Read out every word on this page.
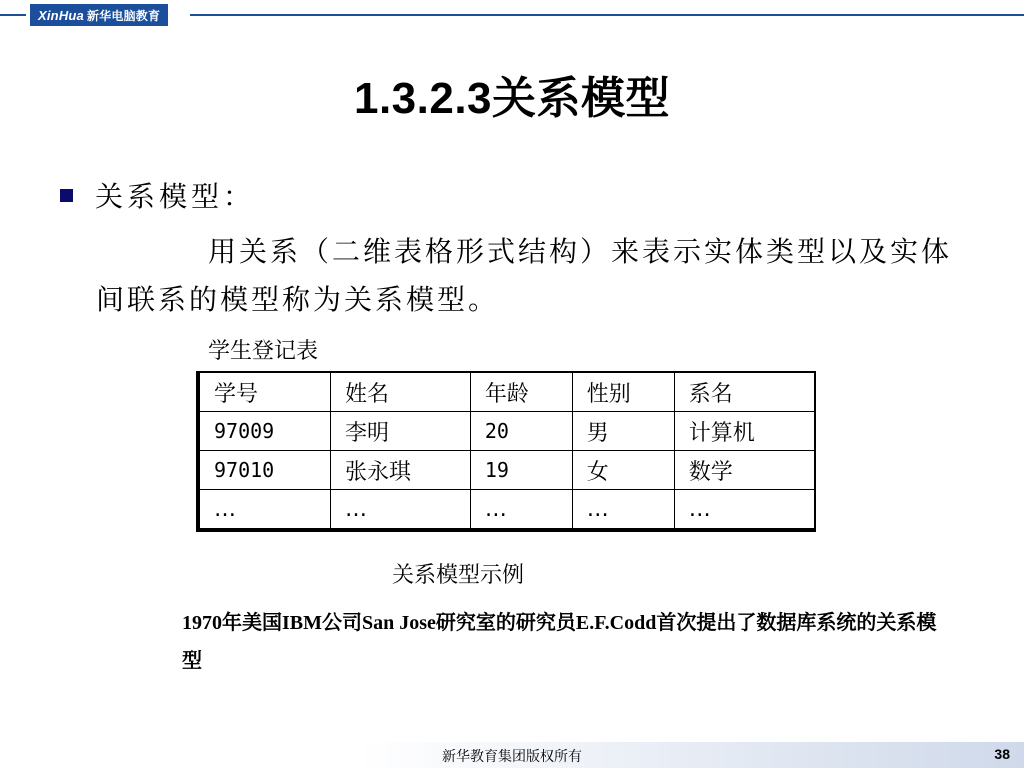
XinHua 新华电脑教育
1.3.2.3关系模型
关系模型：
用关系（二维表格形式结构）来表示实体类型以及实体间联系的模型称为关系模型。
学生登记表
学号	姓名	年龄	性别	系名
97009	李明	20	男	计算机
97010	张永琪	19	女	数学
…	…	…	…	…
关系模型示例
1970年美国IBM公司San Jose研究室的研究员E.F.Codd首次提出了数据库系统的关系模型
新华教育集团版权所有	38
